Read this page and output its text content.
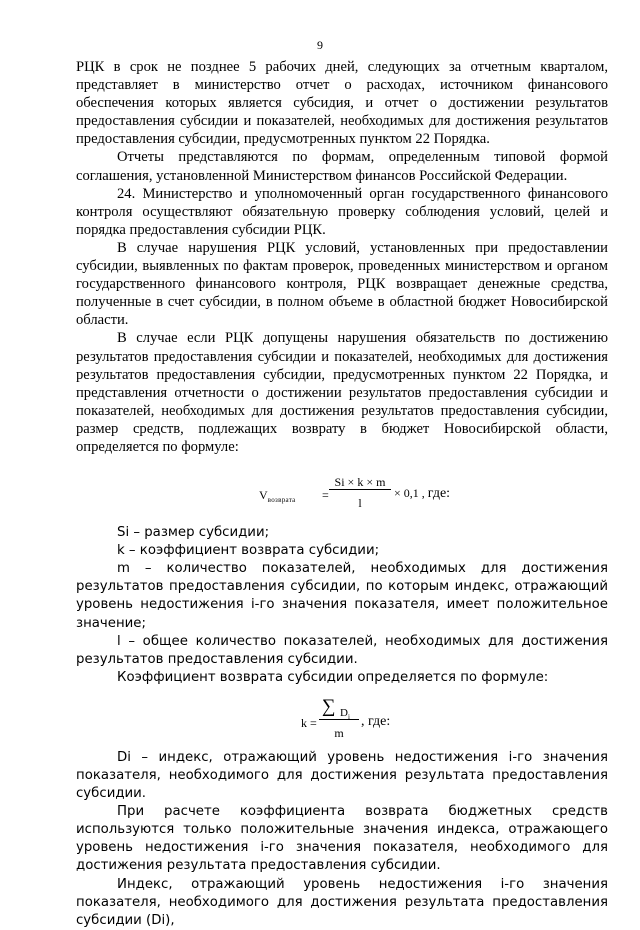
9

РЦК в срок не позднее 5 рабочих дней, следующих за отчетным кварталом, представляет в министерство отчет о расходах, источником финансового обеспечения которых является субсидия, и отчет о достижении результатов предоставления субсидии и показателей, необходимых для достижения результатов предоставления субсидии, предусмотренных пунктом 22 Порядка.

Отчеты представляются по формам, определенным типовой формой соглашения, установленной Министерством финансов Российской Федерации.

24. Министерство и уполномоченный орган государственного финансового контроля осуществляют обязательную проверку соблюдения условий, целей и порядка предоставления субсидии РЦК.

В случае нарушения РЦК условий, установленных при предоставлении субсидии, выявленных по фактам проверок, проведенных министерством и органом государственного финансового контроля, РЦК возвращает денежные средства, полученные в счет субсидии, в полном объеме в областной бюджет Новосибирской области.

В случае если РЦК допущены нарушения обязательств по достижению результатов предоставления субсидии и показателей, необходимых для достижения результатов предоставления субсидии, предусмотренных пунктом 22 Порядка, и представления отчетности о достижении результатов предоставления субсидии и показателей, необходимых для достижения результатов предоставления субсидии, размер средств, подлежащих возврату в бюджет Новосибирской области, определяется по формуле:

$V_{возврата}$ =
Si × k × m
l
× 0,1 , где:

Si – размер субсидии;

k – коэффициент возврата субсидии;

m – количество показателей, необходимых для достижения результатов предоставления субсидии, по которым индекс, отражающий уровень недостижения i-го значения показателя, имеет положительное значение;

l – общее количество показателей, необходимых для достижения результатов предоставления субсидии.

Коэффициент возврата субсидии определяется по формуле:

k =
∑ $D_i$
m
, где:

Di – индекс, отражающий уровень недостижения i-го значения показателя, необходимого для достижения результата предоставления субсидии.

При расчете коэффициента возврата бюджетных средств используются только положительные значения индекса, отражающего уровень недостижения i-го значения показателя, необходимого для достижения результата предоставления субсидии.

Индекс, отражающий уровень недостижения i-го значения показателя, необходимого для достижения результата предоставления субсидии (Di),
